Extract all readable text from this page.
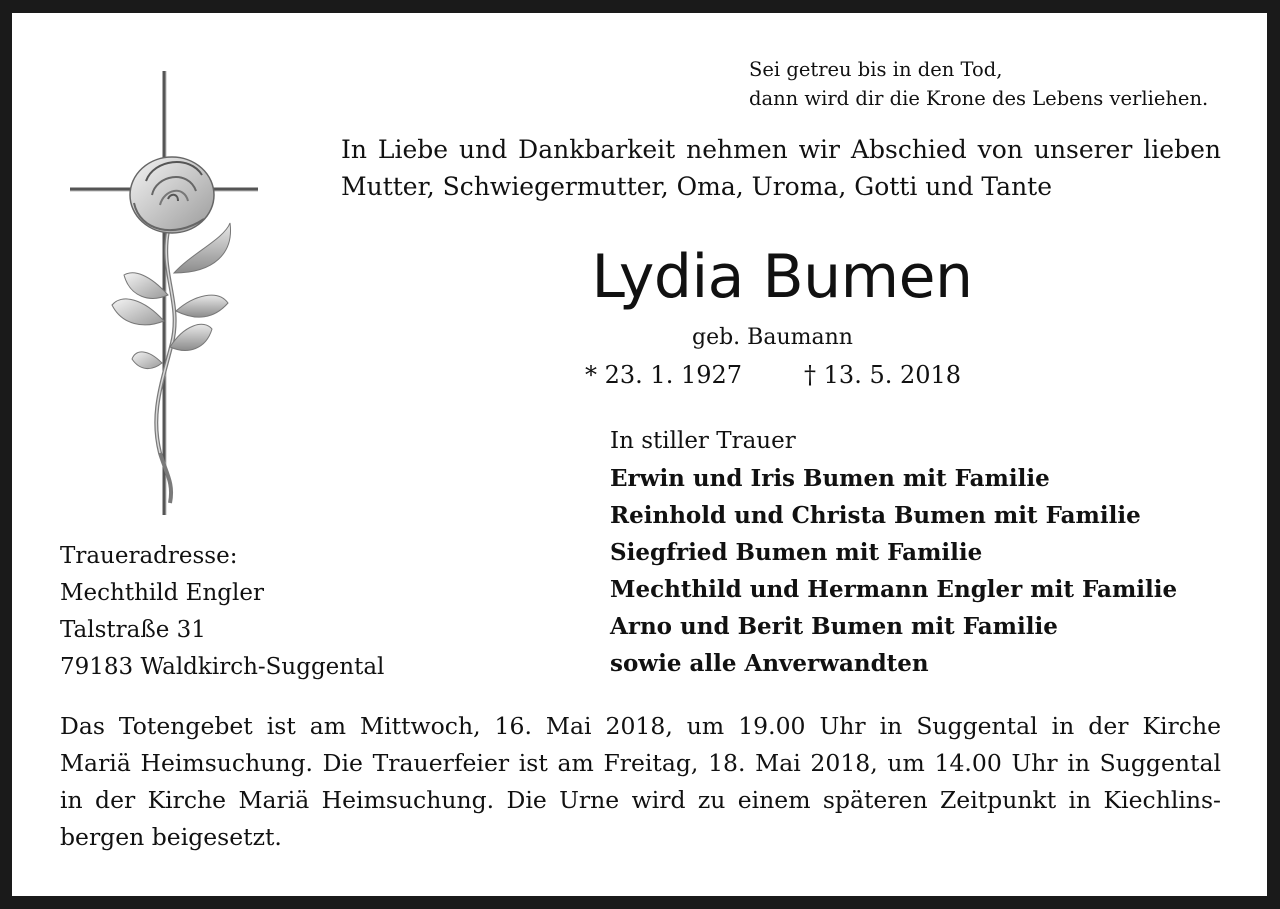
Sei getreu bis in den Tod,
dann wird dir die Krone des Lebens verliehen.
In Liebe und Dankbarkeit nehmen wir Abschied von unserer lieben
Mutter, Schwiegermutter, Oma, Uroma, Gotti und Tante
Lydia Bumen
geb. Baumann
* 23. 1. 1927	† 13. 5. 2018
In stiller Trauer
Erwin und Iris Bumen mit Familie
Reinhold und Christa Bumen mit Familie
Siegfried Bumen mit Familie
Mechthild und Hermann Engler mit Familie
Arno und Berit Bumen mit Familie
sowie alle Anverwandten
Traueradresse:
Mechthild Engler
Talstraße 31
79183 Waldkirch-Suggental
Das Totengebet ist am Mittwoch, 16. Mai 2018, um 19.00 Uhr in Suggental in der Kirche
Mariä Heimsuchung. Die Trauerfeier ist am Freitag, 18. Mai 2018, um 14.00 Uhr in Suggental
in der Kirche Mariä Heimsuchung. Die Urne wird zu einem späteren Zeitpunkt in Kiechlins-
bergen beigesetzt.
